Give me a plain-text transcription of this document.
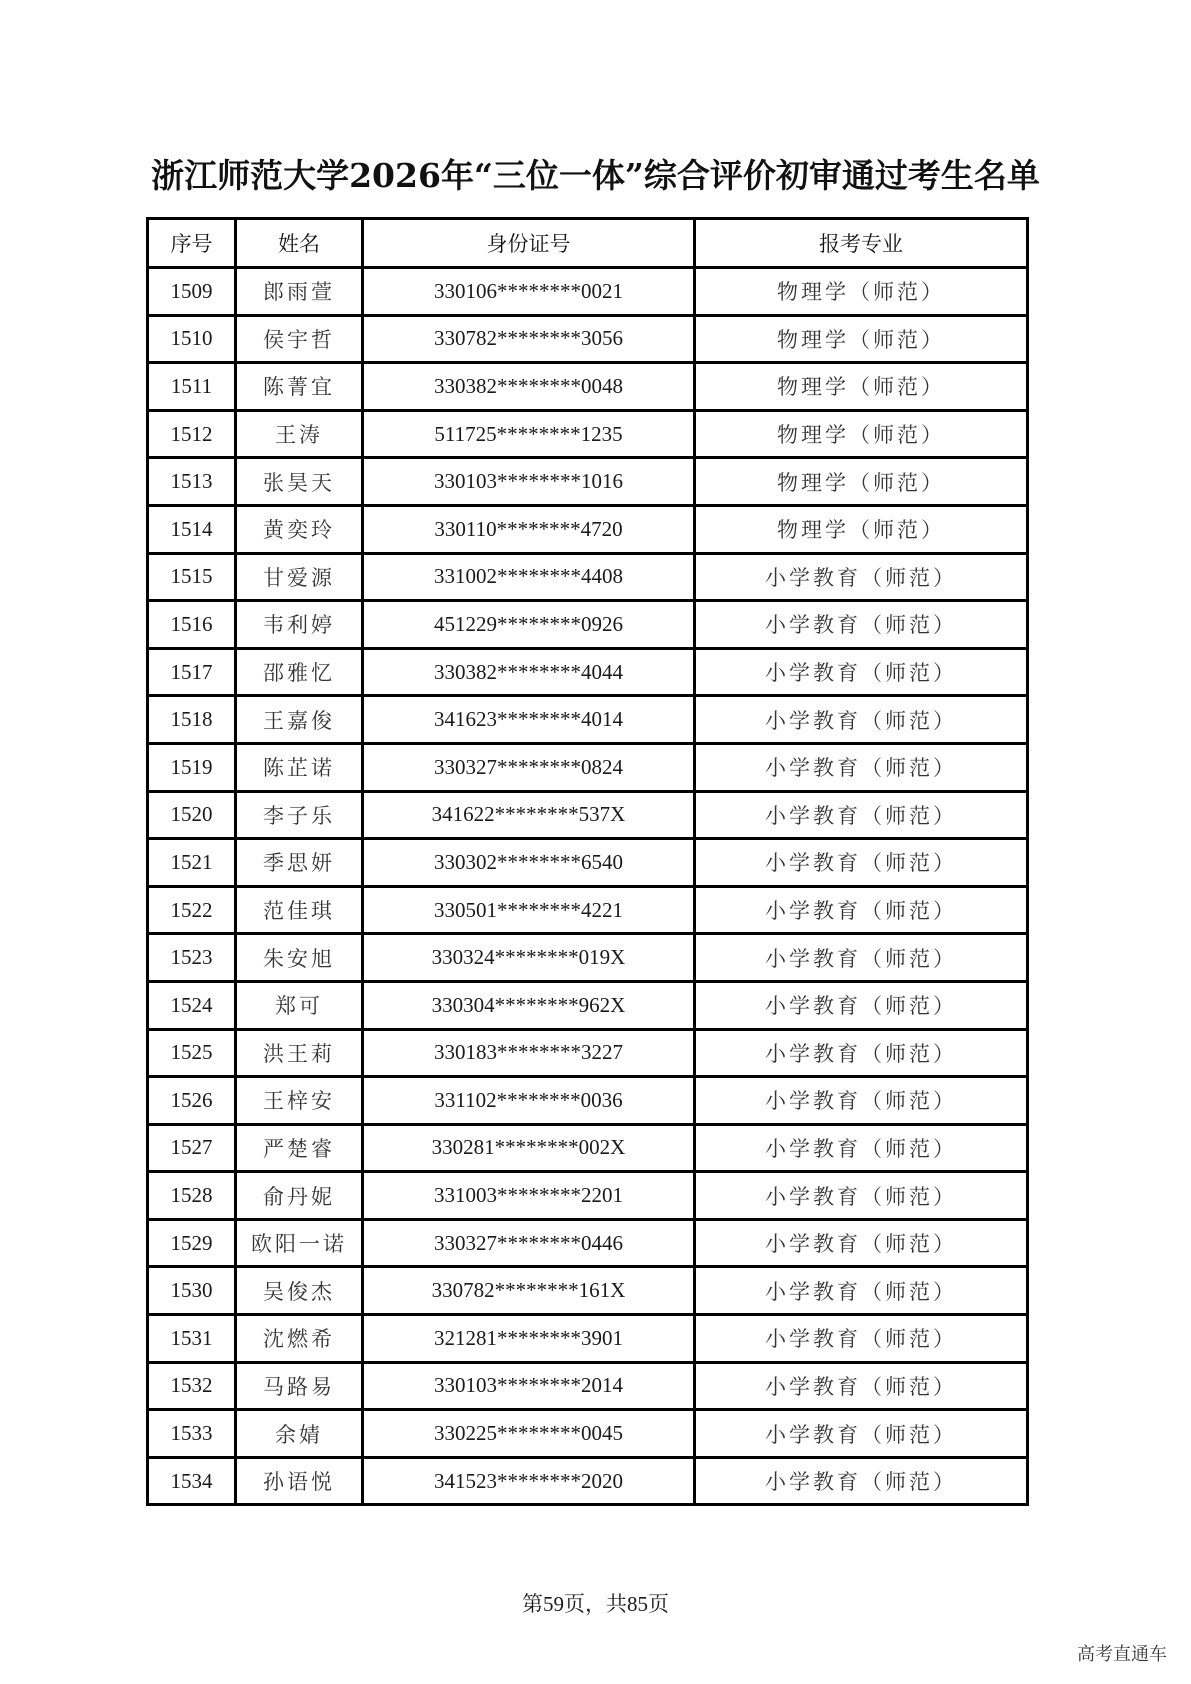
浙江师范大学2026年“三位一体”综合评价初审通过考生名单
序号	姓名	身份证号	报考专业
1509	郎雨萱	330106********0021	物理学（师范）
1510	侯宇哲	330782********3056	物理学（师范）
1511	陈菁宜	330382********0048	物理学（师范）
1512	王涛	511725********1235	物理学（师范）
1513	张昊天	330103********1016	物理学（师范）
1514	黄奕玲	330110********4720	物理学（师范）
1515	甘爱源	331002********4408	小学教育（师范）
1516	韦利婷	451229********0926	小学教育（师范）
1517	邵雅忆	330382********4044	小学教育（师范）
1518	王嘉俊	341623********4014	小学教育（师范）
1519	陈芷诺	330327********0824	小学教育（师范）
1520	李子乐	341622********537X	小学教育（师范）
1521	季思妍	330302********6540	小学教育（师范）
1522	范佳琪	330501********4221	小学教育（师范）
1523	朱安旭	330324********019X	小学教育（师范）
1524	郑可	330304********962X	小学教育（师范）
1525	洪王莉	330183********3227	小学教育（师范）
1526	王梓安	331102********0036	小学教育（师范）
1527	严楚睿	330281********002X	小学教育（师范）
1528	俞丹妮	331003********2201	小学教育（师范）
1529	欧阳一诺	330327********0446	小学教育（师范）
1530	吴俊杰	330782********161X	小学教育（师范）
1531	沈燃希	321281********3901	小学教育（师范）
1532	马路易	330103********2014	小学教育（师范）
1533	余婧	330225********0045	小学教育（师范）
1534	孙语悦	341523********2020	小学教育（师范）
第59页，共85页
高考直通车
